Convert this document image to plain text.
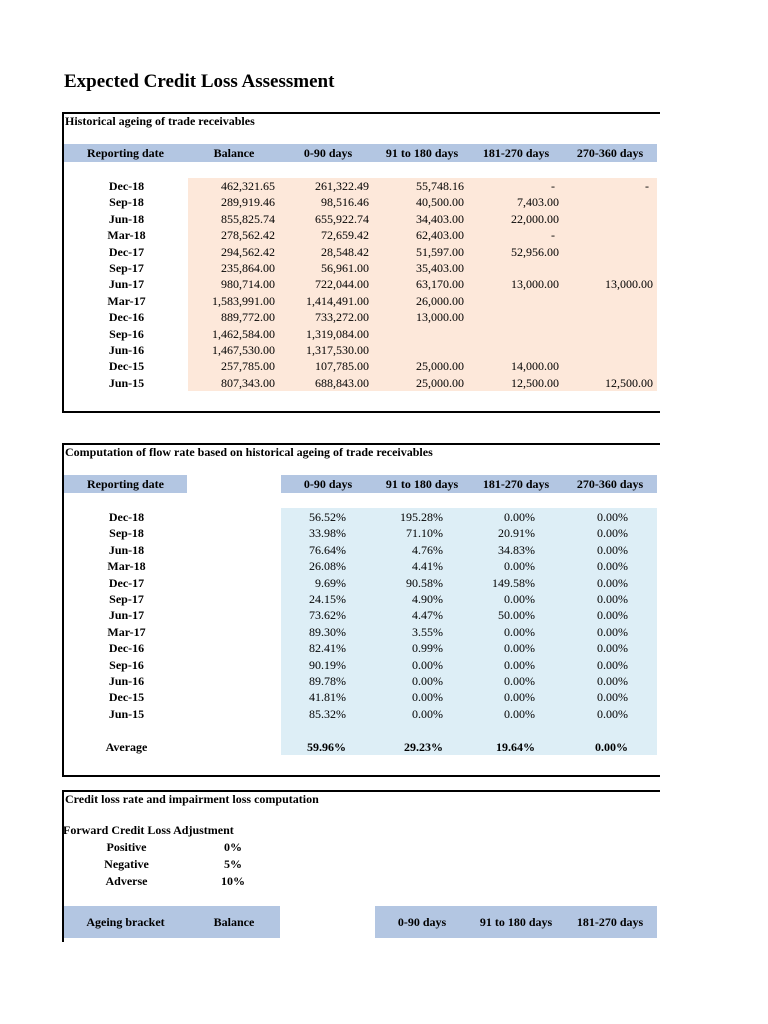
Expected Credit Loss Assessment
Historical ageing of trade receivables
Reporting date	Balance	0-90 days	91 to 180 days	181-270 days	270-360 days
Dec-18	462,321.65	261,322.49	55,748.16	-	-
Sep-18	289,919.46	98,516.46	40,500.00	7,403.00
Jun-18	855,825.74	655,922.74	34,403.00	22,000.00
Mar-18	278,562.42	72,659.42	62,403.00	-
Dec-17	294,562.42	28,548.42	51,597.00	52,956.00
Sep-17	235,864.00	56,961.00	35,403.00
Jun-17	980,714.00	722,044.00	63,170.00	13,000.00	13,000.00
Mar-17	1,583,991.00	1,414,491.00	26,000.00
Dec-16	889,772.00	733,272.00	13,000.00
Sep-16	1,462,584.00	1,319,084.00
Jun-16	1,467,530.00	1,317,530.00
Dec-15	257,785.00	107,785.00	25,000.00	14,000.00
Jun-15	807,343.00	688,843.00	25,000.00	12,500.00	12,500.00
Computation of flow rate based on historical ageing of trade receivables
Reporting date	0-90 days	91 to 180 days	181-270 days	270-360 days
Dec-18	56.52%	195.28%	0.00%	0.00%
Sep-18	33.98%	71.10%	20.91%	0.00%
Jun-18	76.64%	4.76%	34.83%	0.00%
Mar-18	26.08%	4.41%	0.00%	0.00%
Dec-17	9.69%	90.58%	149.58%	0.00%
Sep-17	24.15%	4.90%	0.00%	0.00%
Jun-17	73.62%	4.47%	50.00%	0.00%
Mar-17	89.30%	3.55%	0.00%	0.00%
Dec-16	82.41%	0.99%	0.00%	0.00%
Sep-16	90.19%	0.00%	0.00%	0.00%
Jun-16	89.78%	0.00%	0.00%	0.00%
Dec-15	41.81%	0.00%	0.00%	0.00%
Jun-15	85.32%	0.00%	0.00%	0.00%
Average	59.96%	29.23%	19.64%	0.00%
Credit loss rate and impairment loss computation
Forward Credit Loss Adjustment
Positive	0%
Negative	5%
Adverse	10%
Ageing bracket	Balance	0-90 days	91 to 180 days	181-270 days
